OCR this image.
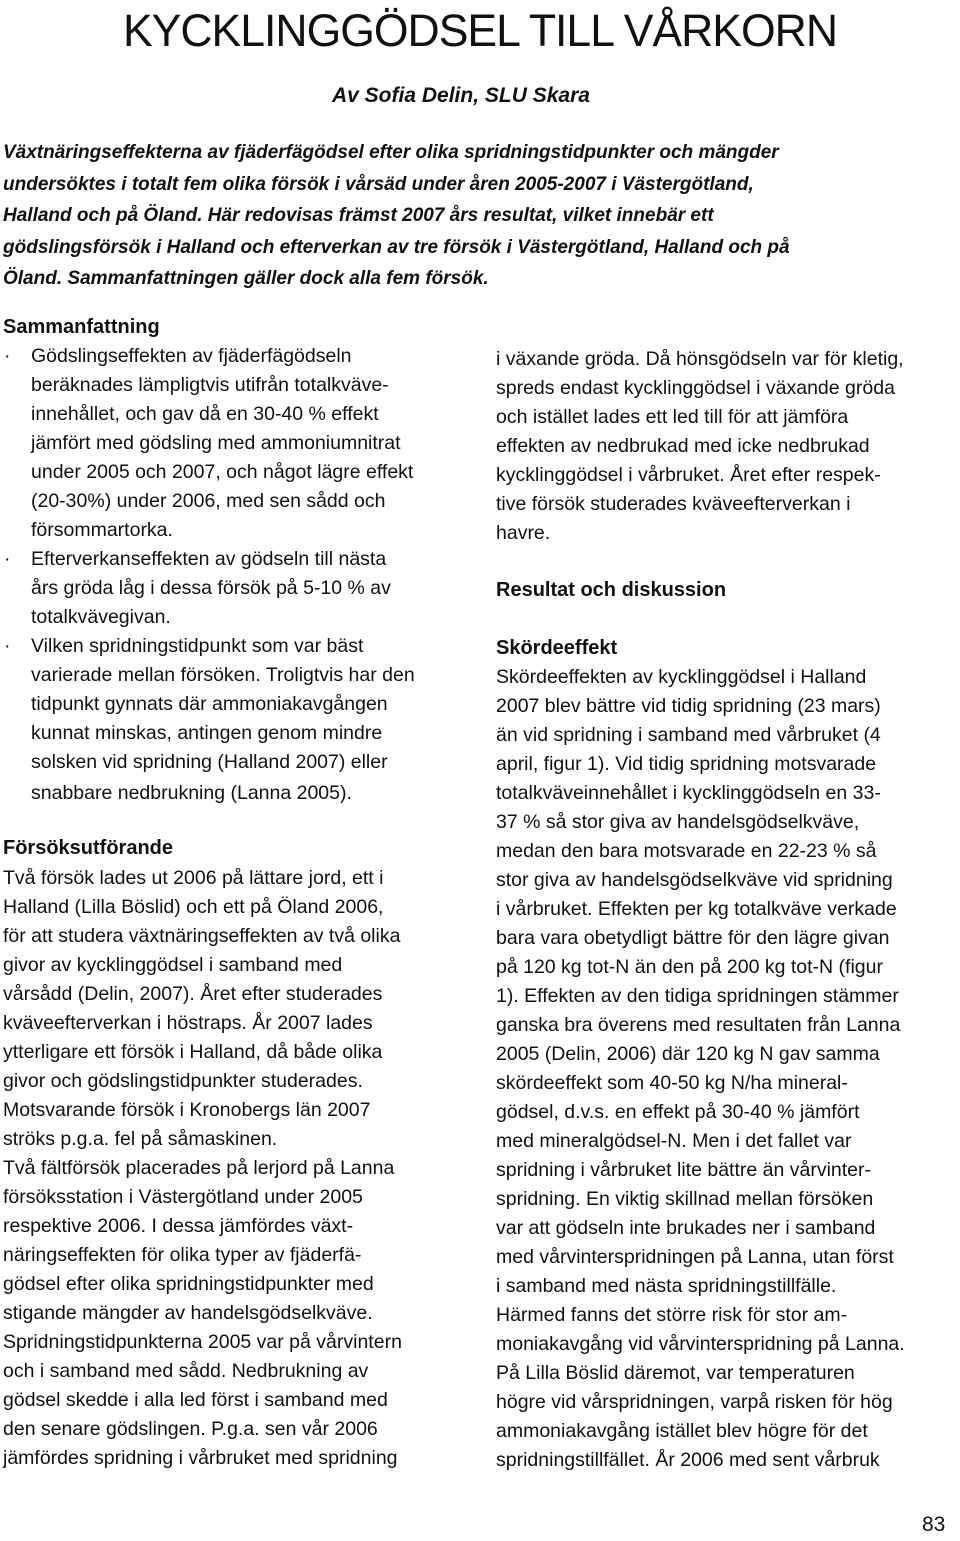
KYCKLINGGÖDSEL TILL VÅRKORN

Av Sofia Delin, SLU Skara

Växtnäringseffekterna av fjäderfägödsel efter olika spridningstidpunkter och mängder
undersöktes i totalt fem olika försök i vårsäd under åren 2005-2007 i Västergötland,
Halland och på Öland. Här redovisas främst 2007 års resultat, vilket innebär ett
gödslingsförsök i Halland och efterverkan av tre försök i Västergötland, Halland och på
Öland. Sammanfattningen gäller dock alla fem försök.

Sammanfattning
· Gödslingseffekten av fjäderfägödseln
beräknades lämpligtvis utifrån totalkväve-
innehållet, och gav då en 30-40 % effekt
jämfört med gödsling med ammoniumnitrat
under 2005 och 2007, och något lägre effekt
(20-30%) under 2006, med sen sådd och
försommartorka.
· Efterverkanseffekten av gödseln till nästa
års gröda låg i dessa försök på 5-10 % av
totalkvävegivan.
· Vilken spridningstidpunkt som var bäst
varierade mellan försöken. Troligtvis har den
tidpunkt gynnats där ammoniakavgången
kunnat minskas, antingen genom mindre
solsken vid spridning (Halland 2007) eller
snabbare nedbrukning (Lanna 2005).
Försöksutförande
Två försök lades ut 2006 på lättare jord, ett i
Halland (Lilla Böslid) och ett på Öland 2006,
för att studera växtnäringseffekten av två olika
givor av kycklinggödsel i samband med
vårsådd (Delin, 2007). Året efter studerades
kväveefterverkan i höstraps. År 2007 lades
ytterligare ett försök i Halland, då både olika
givor och gödslingstidpunkter studerades.
Motsvarande försök i Kronobergs län 2007
ströks p.g.a. fel på såmaskinen.
Två fältförsök placerades på lerjord på Lanna
försöksstation i Västergötland under 2005
respektive 2006. I dessa jämfördes växt-
näringseffekten för olika typer av fjäderfä-
gödsel efter olika spridningstidpunkter med
stigande mängder av handelsgödselkväve.
Spridningstidpunkterna 2005 var på vårvintern
och i samband med sådd. Nedbrukning av
gödsel skedde i alla led först i samband med
den senare gödslingen. P.g.a. sen vår 2006
jämfördes spridning i vårbruket med spridning
i växande gröda. Då hönsgödseln var för kletig,
spreds endast kycklinggödsel i växande gröda
och istället lades ett led till för att jämföra
effekten av nedbrukad med icke nedbrukad
kycklinggödsel i vårbruket. Året efter respek-
tive försök studerades kväveefterverkan i
havre.
Resultat och diskussion
Skördeeffekt
Skördeeffekten av kycklinggödsel i Halland
2007 blev bättre vid tidig spridning (23 mars)
än vid spridning i samband med vårbruket (4
april, figur 1). Vid tidig spridning motsvarade
totalkväveinnehållet i kycklinggödseln en 33-
37 % så stor giva av handelsgödselkväve,
medan den bara motsvarade en 22-23 % så
stor giva av handelsgödselkväve vid spridning
i vårbruket. Effekten per kg totalkväve verkade
bara vara obetydligt bättre för den lägre givan
på 120 kg tot-N än den på 200 kg tot-N (figur
1). Effekten av den tidiga spridningen stämmer
ganska bra överens med resultaten från Lanna
2005 (Delin, 2006) där 120 kg N gav samma
skördeeffekt som 40-50 kg N/ha mineral-
gödsel, d.v.s. en effekt på 30-40 % jämfört
med mineralgödsel-N. Men i det fallet var
spridning i vårbruket lite bättre än vårvinter-
spridning. En viktig skillnad mellan försöken
var att gödseln inte brukades ner i samband
med vårvinterspridningen på Lanna, utan först
i samband med nästa spridningstillfälle.
Härmed fanns det större risk för stor am-
moniakavgång vid vårvinterspridning på Lanna.
På Lilla Böslid däremot, var temperaturen
högre vid vårspridningen, varpå risken för hög
ammoniakavgång istället blev högre för det
spridningstillfället. År 2006 med sent vårbruk
83
